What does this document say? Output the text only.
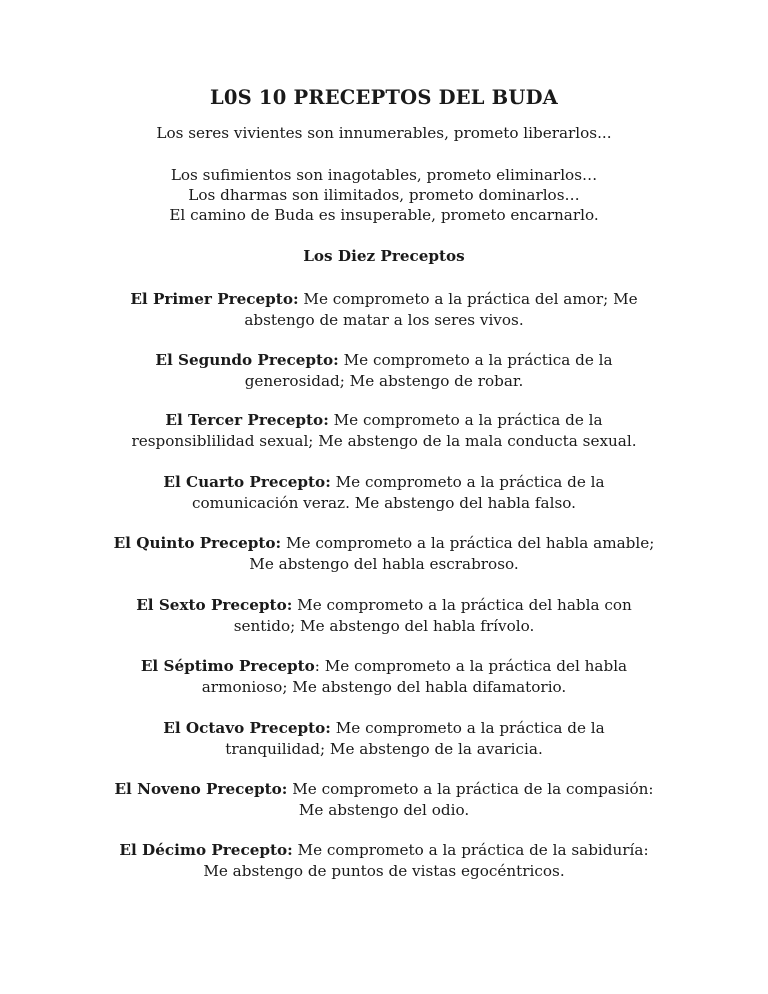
L0S 10 PRECEPTOS DEL BUDA
Los seres vivientes son innumerables, prometo liberarlos...
Los sufimientos son inagotables, prometo eliminarlos…
Los dharmas son ilimitados, prometo dominarlos…
El camino de Buda es insuperable, prometo encarnarlo.
Los Diez Preceptos
El Primer Precepto: Me comprometo a la práctica del amor; Me
abstengo de matar a los seres vivos.
El Segundo Precepto: Me comprometo a la práctica de la
generosidad; Me abstengo de robar.
El Tercer Precepto: Me comprometo a la práctica de la
responsiblilidad sexual; Me abstengo de la mala conducta sexual.
El Cuarto Precepto: Me comprometo a la práctica de la
comunicación veraz. Me abstengo del habla falso.
El Quinto Precepto: Me comprometo a la práctica del habla amable;
Me abstengo del habla escrabroso.
El Sexto Precepto: Me comprometo a la práctica del habla con
sentido; Me abstengo del habla frívolo.
El Séptimo Precepto: Me comprometo a la práctica del habla
armonioso; Me abstengo del habla difamatorio.
El Octavo Precepto: Me comprometo a la práctica de la
tranquilidad; Me abstengo de la avaricia.
El Noveno Precepto: Me comprometo a la práctica de la compasión:
Me abstengo del odio.
El Décimo Precepto: Me comprometo a la práctica de la sabiduría:
Me abstengo de puntos de vistas egocéntricos.
